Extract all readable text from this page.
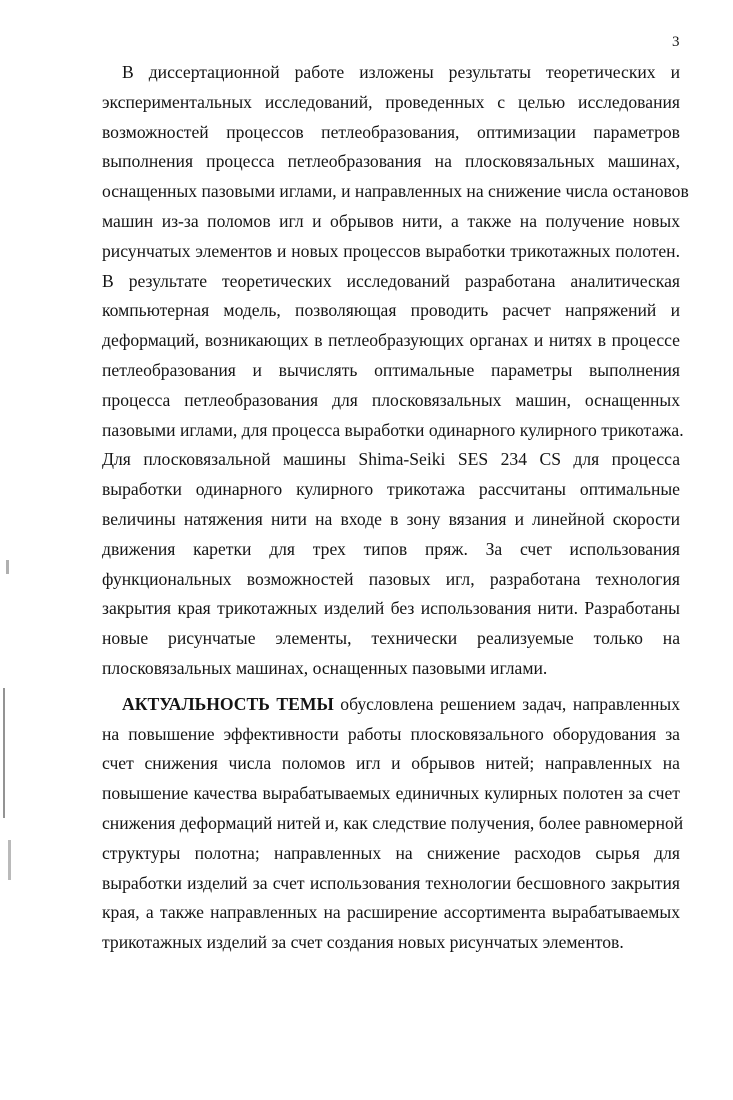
3
В диссертационной работе изложены результаты теоретических и
экспериментальных исследований, проведенных с целью исследования
возможностей процессов петлеобразования, оптимизации параметров
выполнения процесса петлеобразования на плосковязальных машинах,
оснащенных пазовыми иглами, и направленных на снижение числа остановов
машин из-за поломов игл и обрывов нити, а также на получение новых
рисунчатых элементов и новых процессов выработки трикотажных полотен.
В результате теоретических исследований разработана аналитическая
компьютерная модель, позволяющая проводить расчет напряжений и
деформаций, возникающих в петлеобразующих органах и нитях в процессе
петлеобразования и вычислять оптимальные параметры выполнения
процесса петлеобразования для плосковязальных машин, оснащенных
пазовыми иглами, для процесса выработки одинарного кулирного трикотажа.
Для плосковязальной машины Shima-Seiki SES 234 CS для процесса
выработки одинарного кулирного трикотажа рассчитаны оптимальные
величины натяжения нити на входе в зону вязания и линейной скорости
движения каретки для трех типов пряж. За счет использования
функциональных возможностей пазовых игл, разработана технология
закрытия края трикотажных изделий без использования нити. Разработаны
новые рисунчатые элементы, технически реализуемые только на
плосковязальных машинах, оснащенных пазовыми иглами.
АКТУАЛЬНОСТЬ ТЕМЫ обусловлена решением задач, направленных
на повышение эффективности работы плосковязального оборудования за
счет снижения числа поломов игл и обрывов нитей; направленных на
повышение качества вырабатываемых единичных кулирных полотен за счет
снижения деформаций нитей и, как следствие получения, более равномерной
структуры полотна; направленных на снижение расходов сырья для
выработки изделий за счет использования технологии бесшовного закрытия
края, а также направленных на расширение ассортимента вырабатываемых
трикотажных изделий за счет создания новых рисунчатых элементов.
